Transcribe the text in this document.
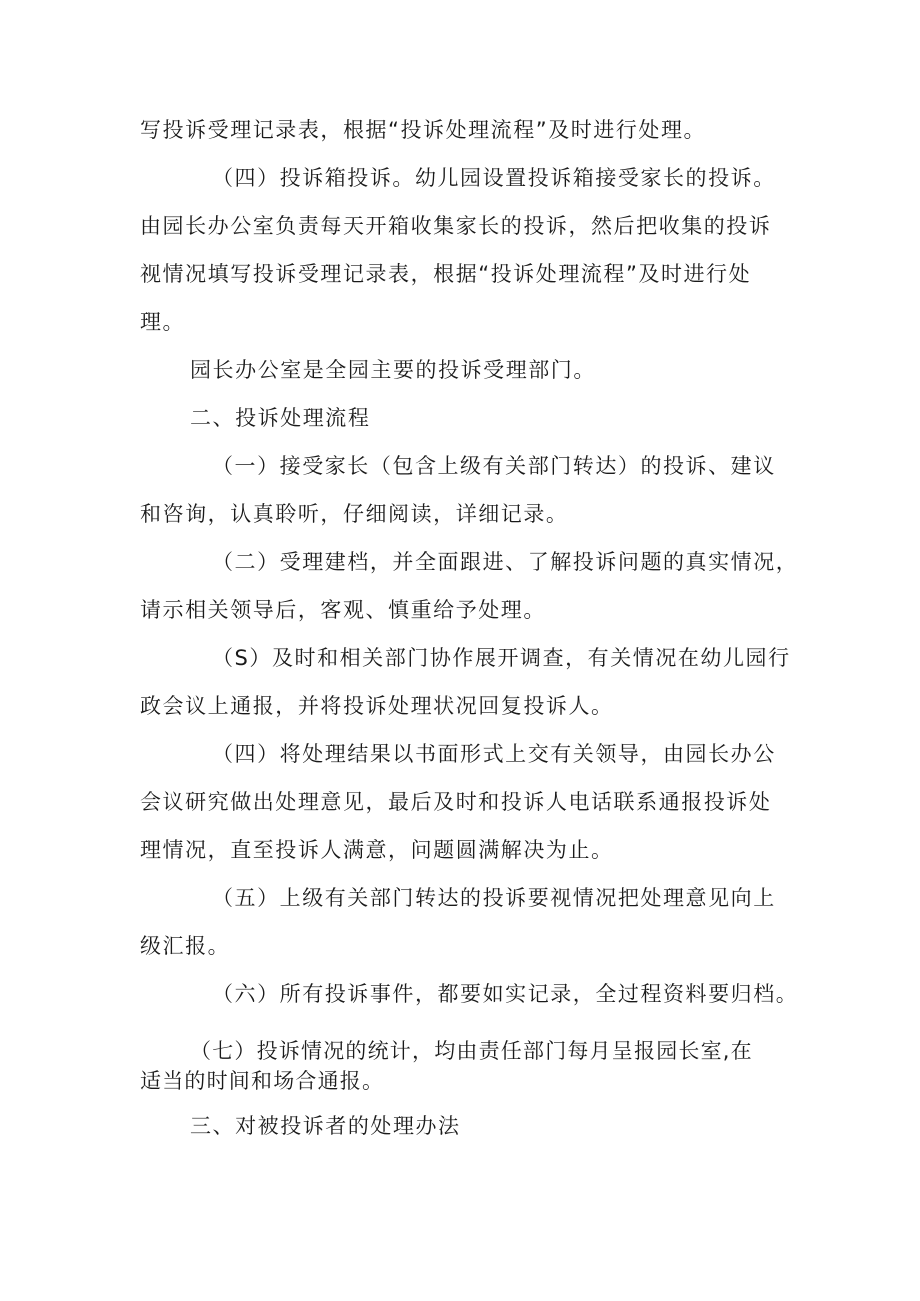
写投诉受理记录表，根据“投诉处理流程”及时进行处理。
（四）投诉箱投诉。幼儿园设置投诉箱接受家长的投诉。
由园长办公室负责每天开箱收集家长的投诉，然后把收集的投诉
视情况填写投诉受理记录表，根据“投诉处理流程”及时进行处
理。
园长办公室是全园主要的投诉受理部门。
二、投诉处理流程
（一）接受家长（包含上级有关部门转达）的投诉、建议
和咨询，认真聆听，仔细阅读，详细记录。
（二）受理建档，并全面跟进、了解投诉问题的真实情况，
请示相关领导后，客观、慎重给予处理。
（S）及时和相关部门协作展开调查，有关情况在幼儿园行
政会议上通报，并将投诉处理状况回复投诉人。
（四）将处理结果以书面形式上交有关领导，由园长办公
会议研究做出处理意见，最后及时和投诉人电话联系通报投诉处
理情况，直至投诉人满意，问题圆满解决为止。
（五）上级有关部门转达的投诉要视情况把处理意见向上
级汇报。
（六）所有投诉事件，都要如实记录，全过程资料要归档。
（七）投诉情况的统计，均由责任部门每月呈报园长室,在
适当的时间和场合通报。
三、对被投诉者的处理办法
